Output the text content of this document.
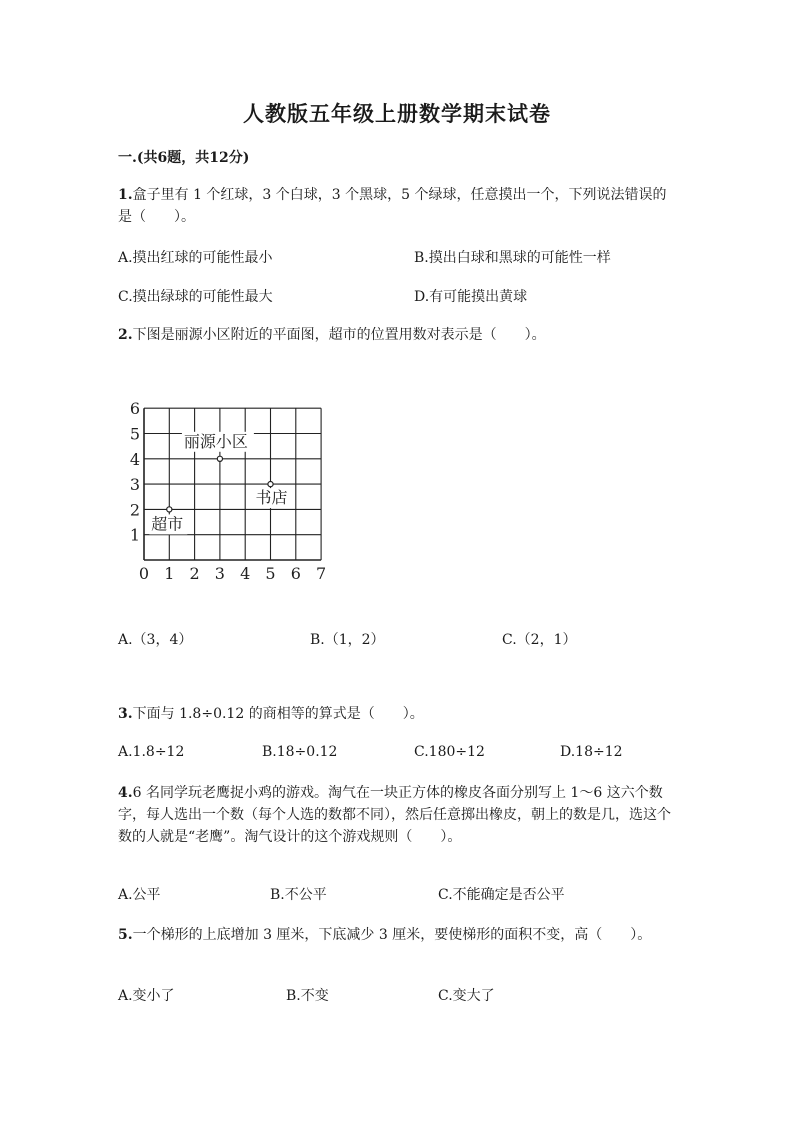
人教版五年级上册数学期末试卷
一.(共6题，共12分)
1.盒子里有 1 个红球，3 个白球，3 个黑球，5 个绿球，任意摸出一个，下列说法错误的是（　　）。
A.摸出红球的可能性最小	B.摸出白球和黑球的可能性一样
C.摸出绿球的可能性最大	D.有可能摸出黄球
2.下图是丽源小区附近的平面图，超市的位置用数对表示是（　　）。
0 1 2 3 4 5 6 7
1
2
3
4
5
6
丽源小区
书店
超市
A.（3，4）	B.（1，2）	C.（2，1）
3.下面与 1.8÷0.12 的商相等的算式是（　　）。
A.1.8÷12	B.18÷0.12	C.180÷12	D.18÷12
4.6 名同学玩老鹰捉小鸡的游戏。淘气在一块正方体的橡皮各面分别写上 1～6 这六个数字，每人选出一个数（每个人选的数都不同），然后任意掷出橡皮，朝上的数是几，选这个数的人就是“老鹰”。淘气设计的这个游戏规则（　　）。
A.公平	B.不公平	C.不能确定是否公平
5.一个梯形的上底增加 3 厘米，下底减少 3 厘米，要使梯形的面积不变，高（　　）。
A.变小了	B.不变	C.变大了
